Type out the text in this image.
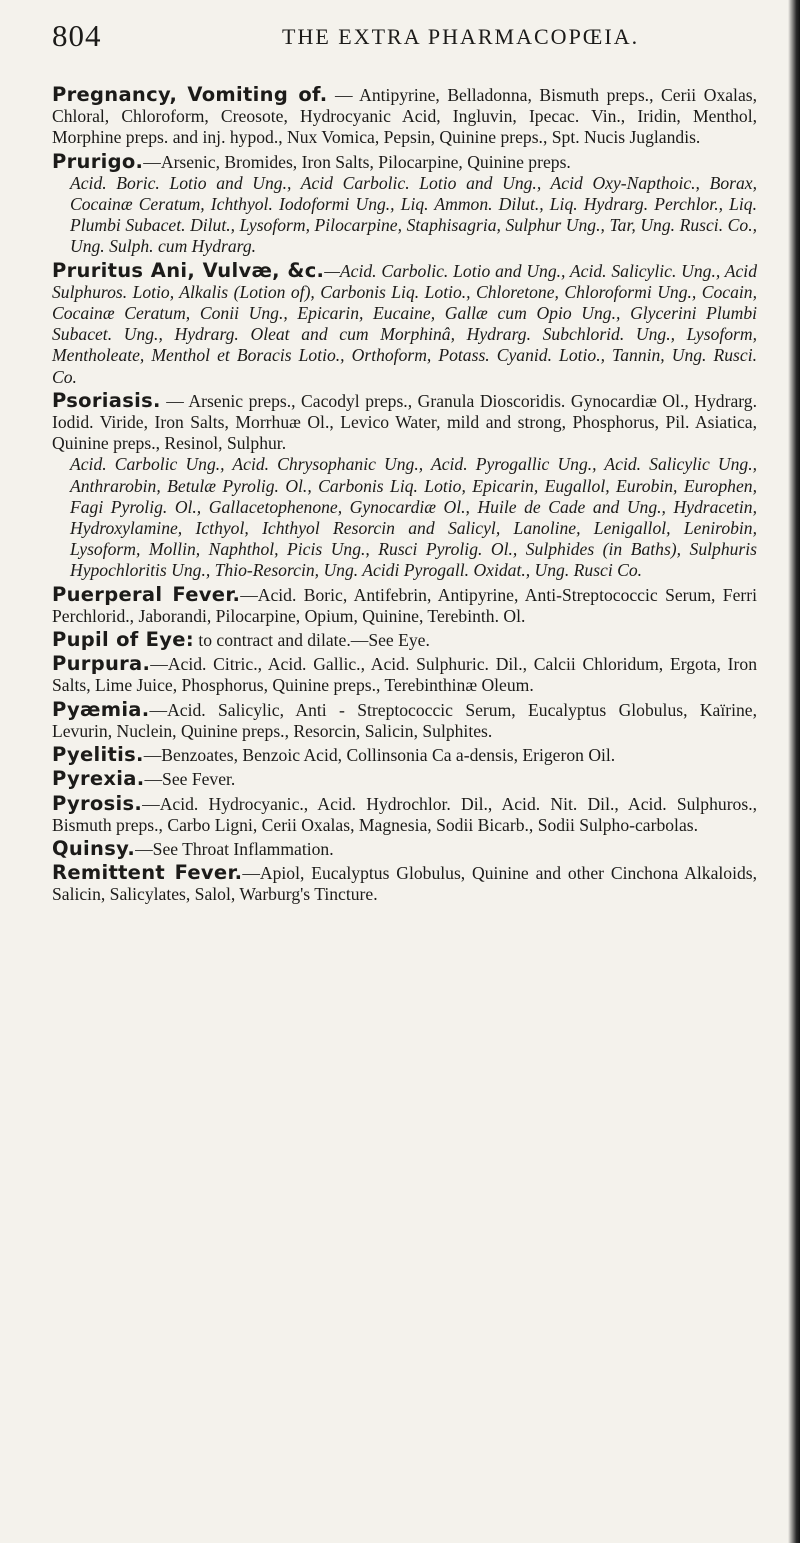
804	THE EXTRA PHARMACOPŒIA.

Pregnancy, Vomiting of. — Antipyrine, Belladonna, Bismuth preps., Cerii Oxalas, Chloral, Chloroform, Creosote, Hydrocyanic Acid, Ingluvin, Ipecac. Vin., Iridin, Menthol, Morphine preps. and inj. hypod., Nux Vomica, Pepsin, Quinine preps., Spt. Nucis Juglandis.

Prurigo.—Arsenic, Bromides, Iron Salts, Pilocarpine, Quinine preps.
Acid. Boric. Lotio and Ung., Acid Carbolic. Lotio and Ung., Acid Oxy-Napthoic., Borax, Cocainæ Ceratum, Ichthyol. Iodoformi Ung., Liq. Ammon. Dilut., Liq. Hydrarg. Perchlor., Liq. Plumbi Subacet. Dilut., Lysoform, Pilocarpine, Staphisagria, Sulphur Ung., Tar, Ung. Rusci. Co., Ung. Sulph. cum Hydrarg.

Pruritus Ani, Vulvæ, &c.—Acid. Carbolic. Lotio and Ung., Acid. Salicylic. Ung., Acid Sulphuros. Lotio, Alkalis (Lotion of), Carbonis Liq. Lotio., Chloretone, Chloroformi Ung., Cocain, Cocainæ Ceratum, Conii Ung., Epicarin, Eucaine, Gallæ cum Opio Ung., Glycerini Plumbi Subacet. Ung., Hydrarg. Oleat and cum Morphinâ, Hydrarg. Subchlorid. Ung., Lysoform, Mentholeate, Menthol et Boracis Lotio., Orthoform, Potass. Cyanid. Lotio., Tannin, Ung. Rusci. Co.

Psoriasis. — Arsenic preps., Cacodyl preps., Granula Dioscoridis. Gynocardiæ Ol., Hydrarg. Iodid. Viride, Iron Salts, Morrhuæ Ol., Levico Water, mild and strong, Phosphorus, Pil. Asiatica, Quinine preps., Resinol, Sulphur.
Acid. Carbolic Ung., Acid. Chrysophanic Ung., Acid. Pyrogallic Ung., Acid. Salicylic Ung., Anthrarobin, Betulæ Pyrolig. Ol., Carbonis Liq. Lotio, Epicarin, Eugallol, Eurobin, Europhen, Fagi Pyrolig. Ol., Gallacetophenone, Gynocardiæ Ol., Huile de Cade and Ung., Hydracetin, Hydroxylamine, Icthyol, Ichthyol Resorcin and Salicyl, Lanoline, Lenigallol, Lenirobin, Lysoform, Mollin, Naphthol, Picis Ung., Rusci Pyrolig. Ol., Sulphides (in Baths), Sulphuris Hypochloritis Ung., Thio-Resorcin, Ung. Acidi Pyrogall. Oxidat., Ung. Rusci Co.

Puerperal Fever.—Acid. Boric, Antifebrin, Antipyrine, Anti-Streptococcic Serum, Ferri Perchlorid., Jaborandi, Pilocarpine, Opium, Quinine, Terebinth. Ol.

Pupil of Eye: to contract and dilate.—See Eye.

Purpura.—Acid. Citric., Acid. Gallic., Acid. Sulphuric. Dil., Calcii Chloridum, Ergota, Iron Salts, Lime Juice, Phosphorus, Quinine preps., Terebinthinæ Oleum.

Pyæmia.—Acid. Salicylic, Anti - Streptococcic Serum, Eucalyptus Globulus, Kaïrine, Levurin, Nuclein, Quinine preps., Resorcin, Salicin, Sulphites.

Pyelitis.—Benzoates, Benzoic Acid, Collinsonia Ca a-densis, Erigeron Oil.

Pyrexia.—See Fever.

Pyrosis.—Acid. Hydrocyanic., Acid. Hydrochlor. Dil., Acid. Nit. Dil., Acid. Sulphuros., Bismuth preps., Carbo Ligni, Cerii Oxalas, Magnesia, Sodii Bicarb., Sodii Sulpho-carbolas.

Quinsy.—See Throat Inflammation.

Remittent Fever.—Apiol, Eucalyptus Globulus, Quinine and other Cinchona Alkaloids, Salicin, Salicylates, Salol, Warburg's Tincture.
